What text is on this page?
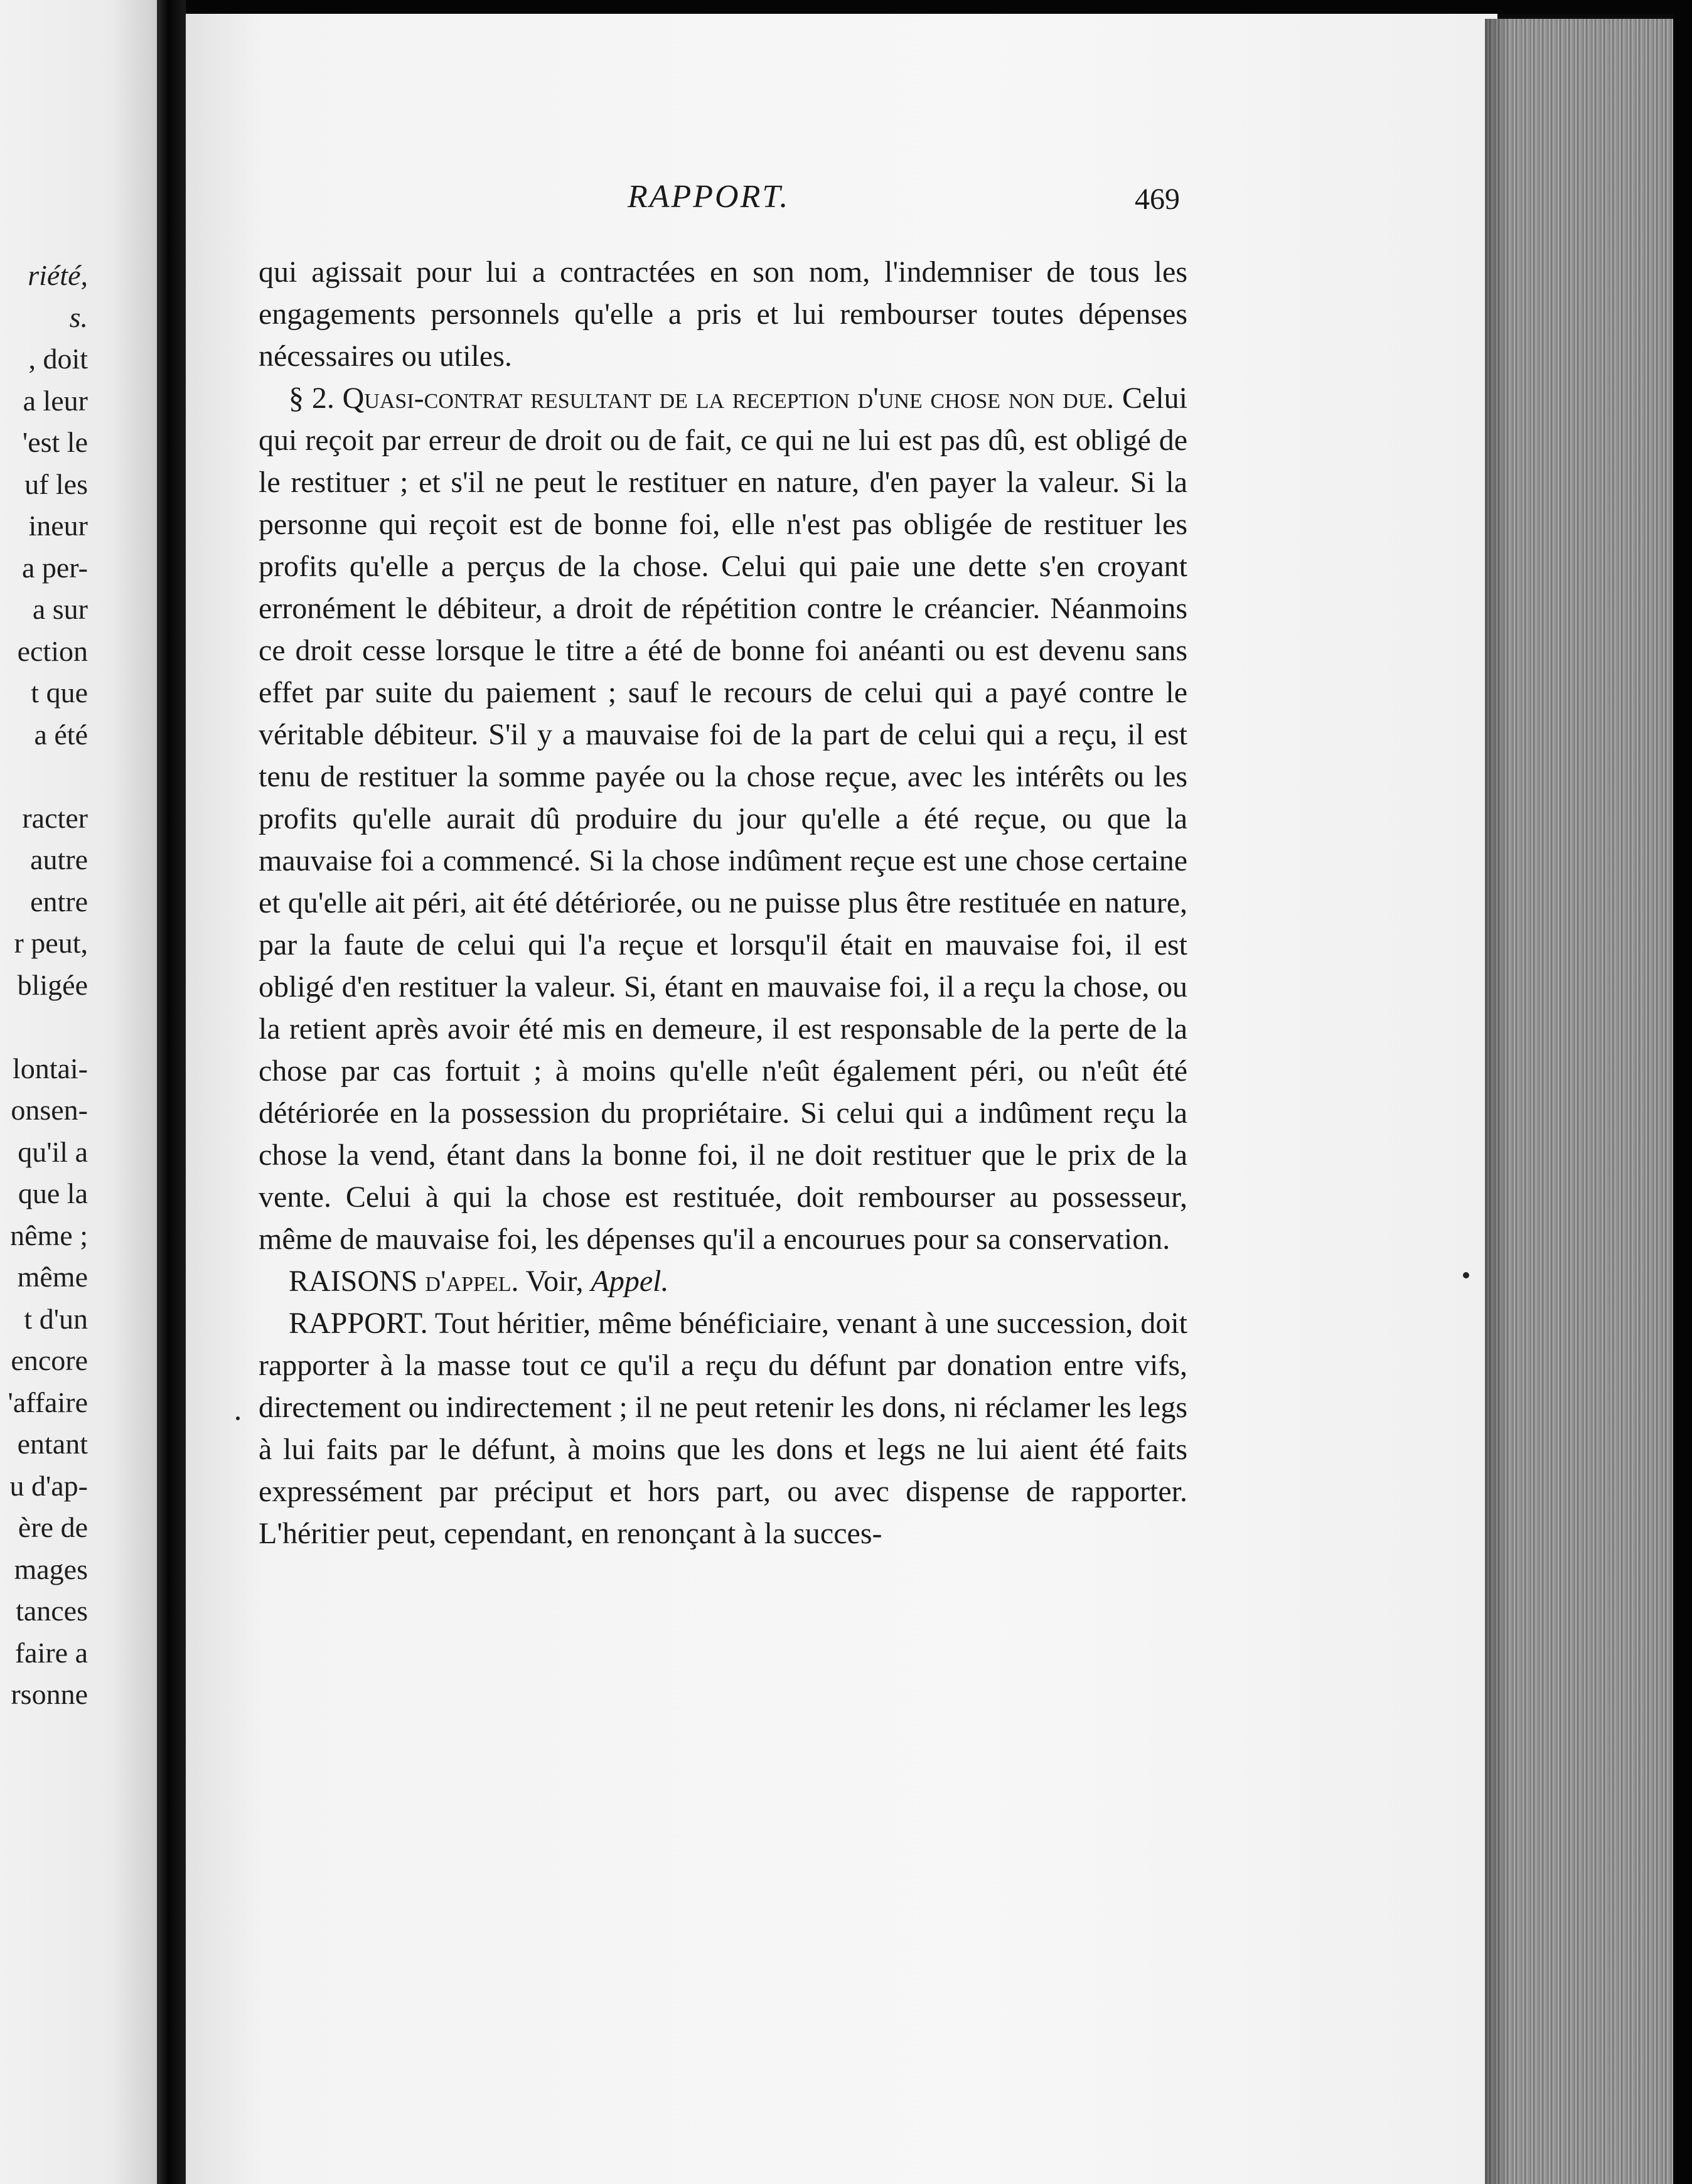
riété,
s.
, doit
a leur
'est le
uf les
ineur
a per-
a sur
ection
t que
a été
racter
autre
entre
r peut,
bligée
lontai-
onsen-
qu'il a
que la
nême ;
même
t d'un
encore
'affaire
entant
u d'ap-
ère de
mages
tances
faire a
rsonne
RAPPORT.	469

qui agissait pour lui a contractées en son nom, l'indemniser de tous les engagements personnels qu'elle a pris et lui rembourser toutes dépenses nécessaires ou utiles.

§ 2. Quasi-contrat resultant de la reception d'une chose non due. Celui qui reçoit par erreur de droit ou de fait, ce qui ne lui est pas dû, est obligé de le restituer ; et s'il ne peut le restituer en nature, d'en payer la valeur. Si la personne qui reçoit est de bonne foi, elle n'est pas obligée de restituer les profits qu'elle a perçus de la chose. Celui qui paie une dette s'en croyant erronément le débiteur, a droit de répétition contre le créancier. Néanmoins ce droit cesse lorsque le titre a été de bonne foi anéanti ou est devenu sans effet par suite du paiement ; sauf le recours de celui qui a payé contre le véritable débiteur. S'il y a mauvaise foi de la part de celui qui a reçu, il est tenu de restituer la somme payée ou la chose reçue, avec les intérêts ou les profits qu'elle aurait dû produire du jour qu'elle a été reçue, ou que la mauvaise foi a commencé. Si la chose indûment reçue est une chose certaine et qu'elle ait péri, ait été détériorée, ou ne puisse plus être restituée en nature, par la faute de celui qui l'a reçue et lorsqu'il était en mauvaise foi, il est obligé d'en restituer la valeur. Si, étant en mauvaise foi, il a reçu la chose, ou la retient après avoir été mis en demeure, il est responsable de la perte de la chose par cas fortuit ; à moins qu'elle n'eût également péri, ou n'eût été détériorée en la possession du propriétaire. Si celui qui a indûment reçu la chose la vend, étant dans la bonne foi, il ne doit restituer que le prix de la vente. Celui à qui la chose est restituée, doit rembourser au possesseur, même de mauvaise foi, les dépenses qu'il a encourues pour sa conservation.

RAISONS d'appel. Voir, Appel.

RAPPORT. Tout héritier, même bénéficiaire, venant à une succession, doit rapporter à la masse tout ce qu'il a reçu du défunt par donation entre vifs, directement ou indirectement ; il ne peut retenir les dons, ni réclamer les legs à lui faits par le défunt, à moins que les dons et legs ne lui aient été faits expressément par préciput et hors part, ou avec dispense de rapporter. L'héritier peut, cependant, en renonçant à la succes-
